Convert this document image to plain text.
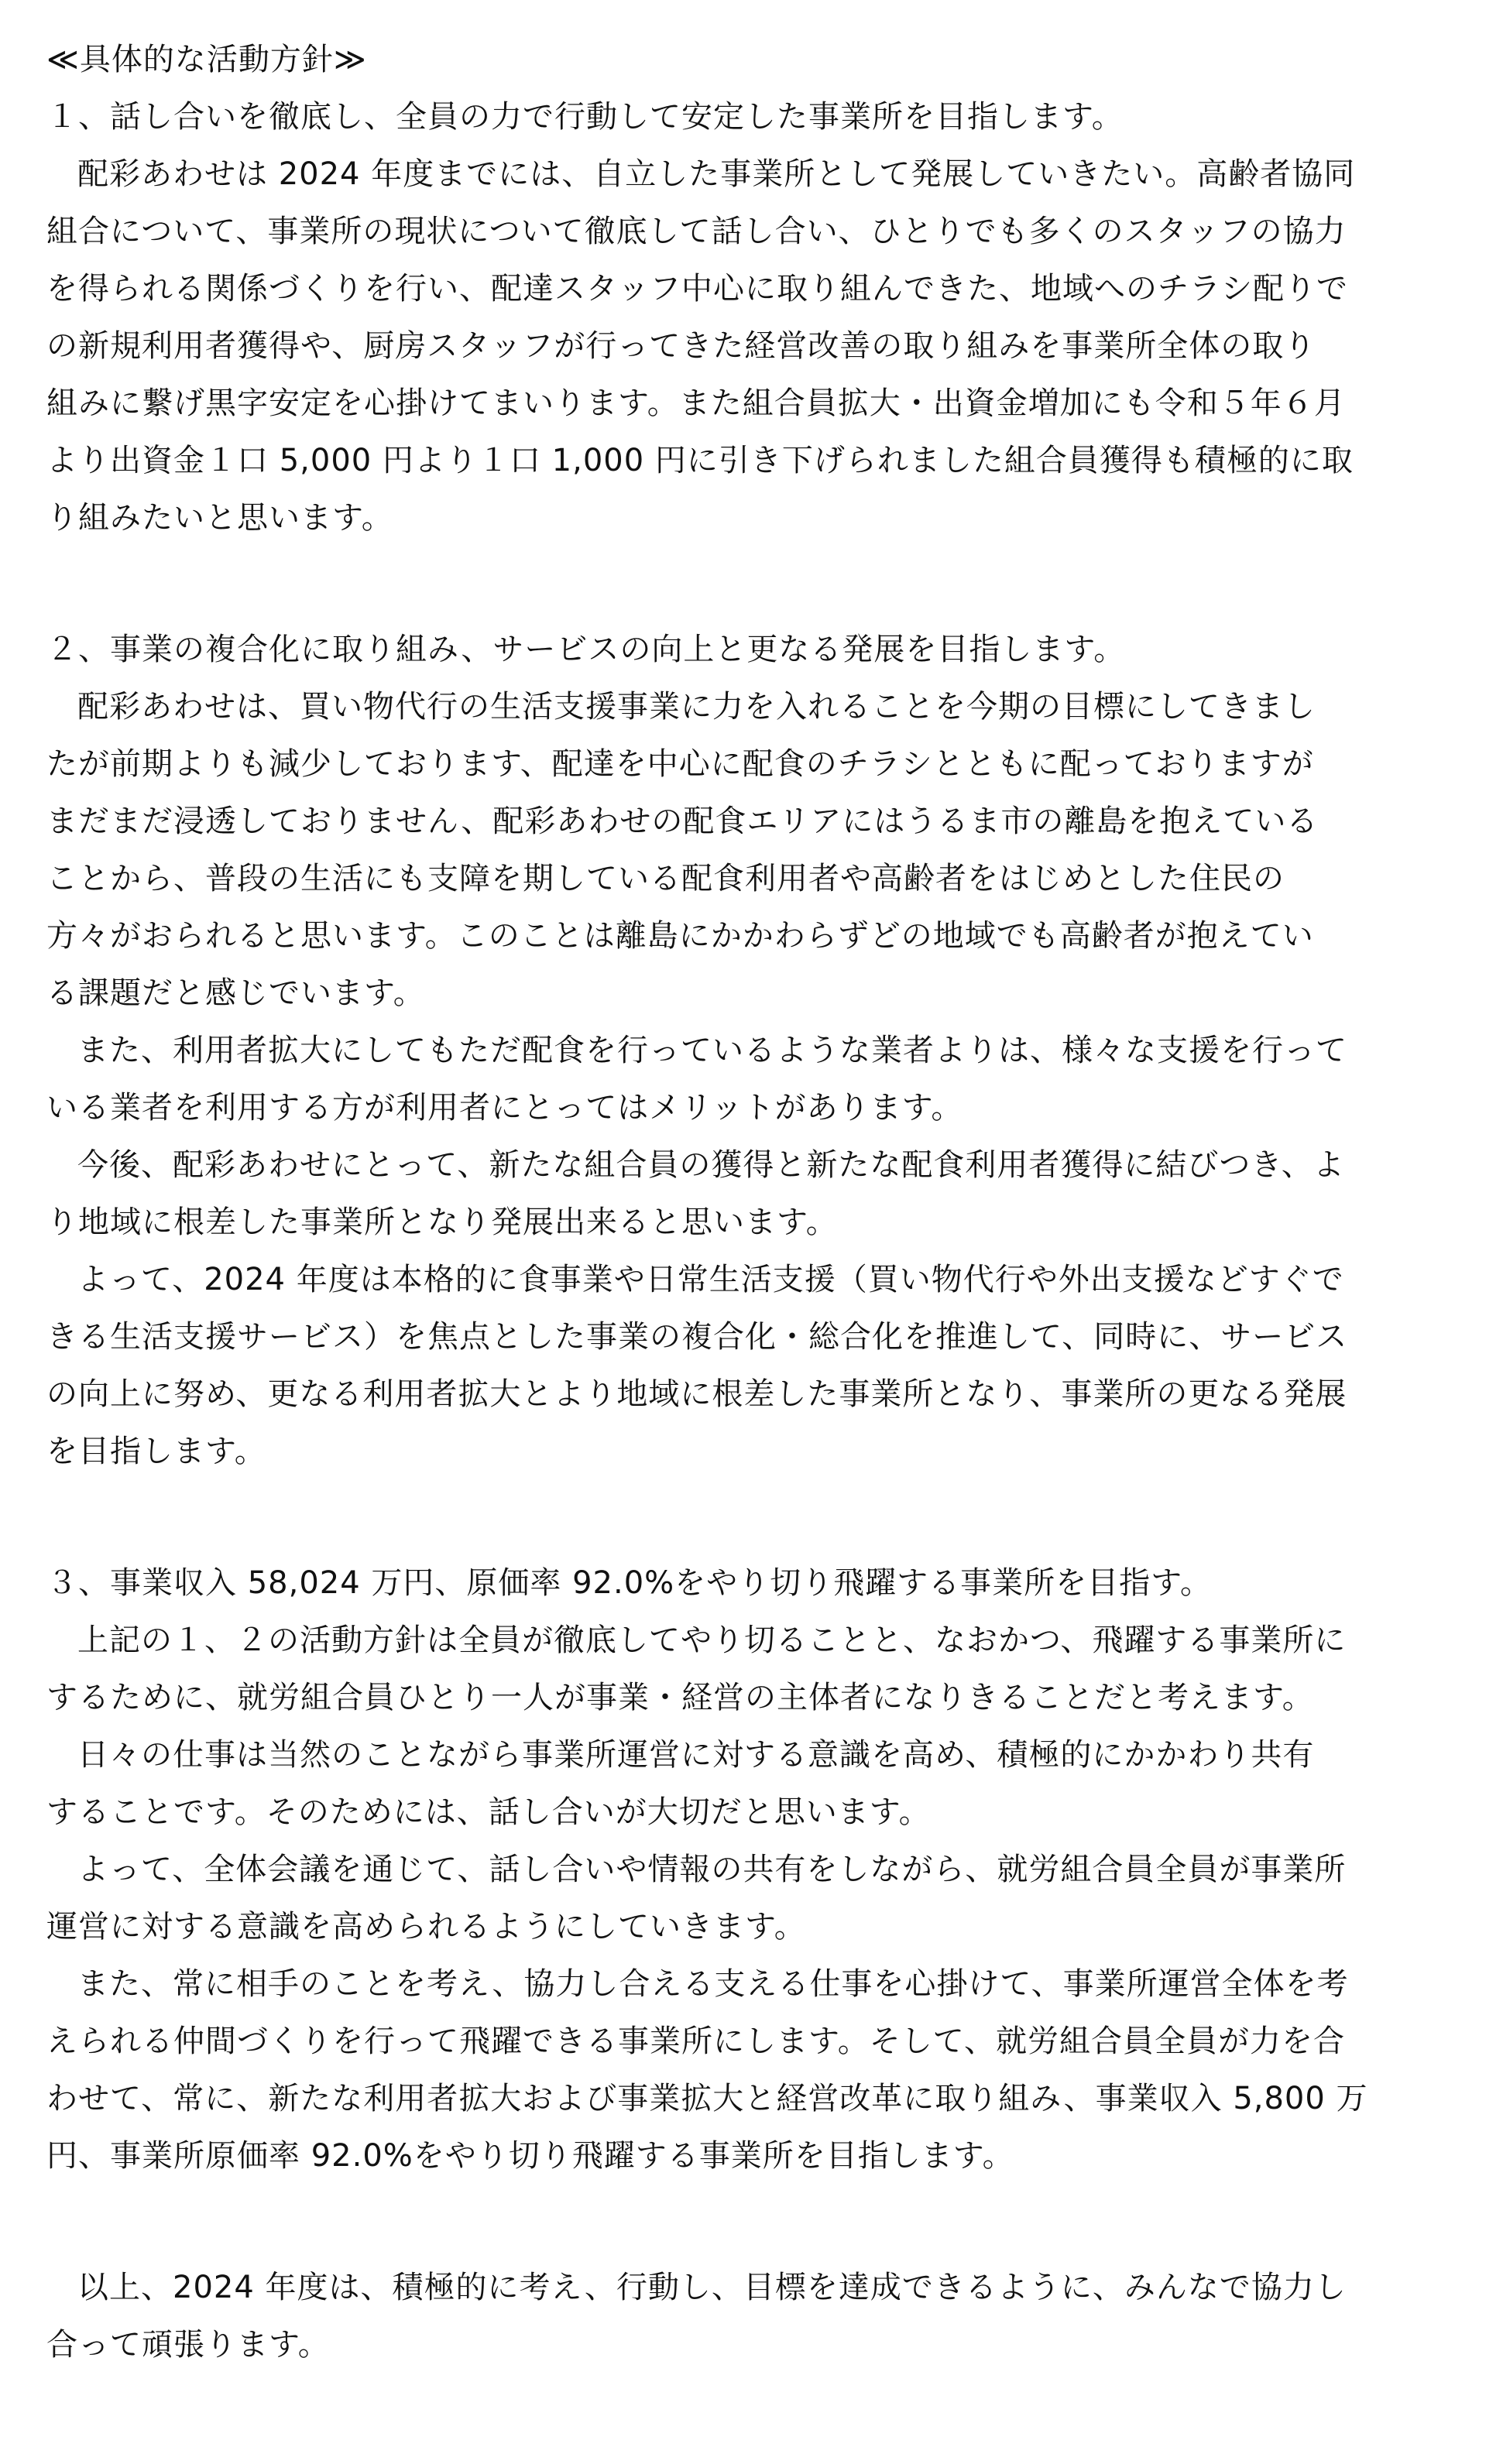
≪具体的な活動方針≫
１、話し合いを徹底し、全員の力で行動して安定した事業所を目指します。
配彩あわせは 2024 年度までには、自立した事業所として発展していきたい。高齢者協同
組合について、事業所の現状について徹底して話し合い、ひとりでも多くのスタッフの協力
を得られる関係づくりを行い、配達スタッフ中心に取り組んできた、地域へのチラシ配りで
の新規利用者獲得や、厨房スタッフが行ってきた経営改善の取り組みを事業所全体の取り
組みに繋げ黒字安定を心掛けてまいります。また組合員拡大・出資金増加にも令和５年６月
より出資金１口 5,000 円より１口 1,000 円に引き下げられました組合員獲得も積極的に取
り組みたいと思います。
２、事業の複合化に取り組み、サービスの向上と更なる発展を目指します。
配彩あわせは、買い物代行の生活支援事業に力を入れることを今期の目標にしてきまし
たが前期よりも減少しております、配達を中心に配食のチラシとともに配っておりますが
まだまだ浸透しておりません、配彩あわせの配食エリアにはうるま市の離島を抱えている
ことから、普段の生活にも支障を期している配食利用者や高齢者をはじめとした住民の
方々がおられると思います。このことは離島にかかわらずどの地域でも高齢者が抱えてい
る課題だと感じでいます。
また、利用者拡大にしてもただ配食を行っているような業者よりは、様々な支援を行って
いる業者を利用する方が利用者にとってはメリットがあります。
今後、配彩あわせにとって、新たな組合員の獲得と新たな配食利用者獲得に結びつき、よ
り地域に根差した事業所となり発展出来ると思います。
よって、2024 年度は本格的に食事業や日常生活支援（買い物代行や外出支援などすぐで
きる生活支援サービス）を焦点とした事業の複合化・総合化を推進して、同時に、サービス
の向上に努め、更なる利用者拡大とより地域に根差した事業所となり、事業所の更なる発展
を目指します。
３、事業収入 58,024 万円、原価率 92.0%をやり切り飛躍する事業所を目指す。
上記の１、２の活動方針は全員が徹底してやり切ることと、なおかつ、飛躍する事業所に
するために、就労組合員ひとり一人が事業・経営の主体者になりきることだと考えます。
日々の仕事は当然のことながら事業所運営に対する意識を高め、積極的にかかわり共有
することです。そのためには、話し合いが大切だと思います。
よって、全体会議を通じて、話し合いや情報の共有をしながら、就労組合員全員が事業所
運営に対する意識を高められるようにしていきます。
また、常に相手のことを考え、協力し合える支える仕事を心掛けて、事業所運営全体を考
えられる仲間づくりを行って飛躍できる事業所にします。そして、就労組合員全員が力を合
わせて、常に、新たな利用者拡大および事業拡大と経営改革に取り組み、事業収入 5,800 万
円、事業所原価率 92.0%をやり切り飛躍する事業所を目指します。
以上、2024 年度は、積極的に考え、行動し、目標を達成できるように、みんなで協力し
合って頑張ります。
